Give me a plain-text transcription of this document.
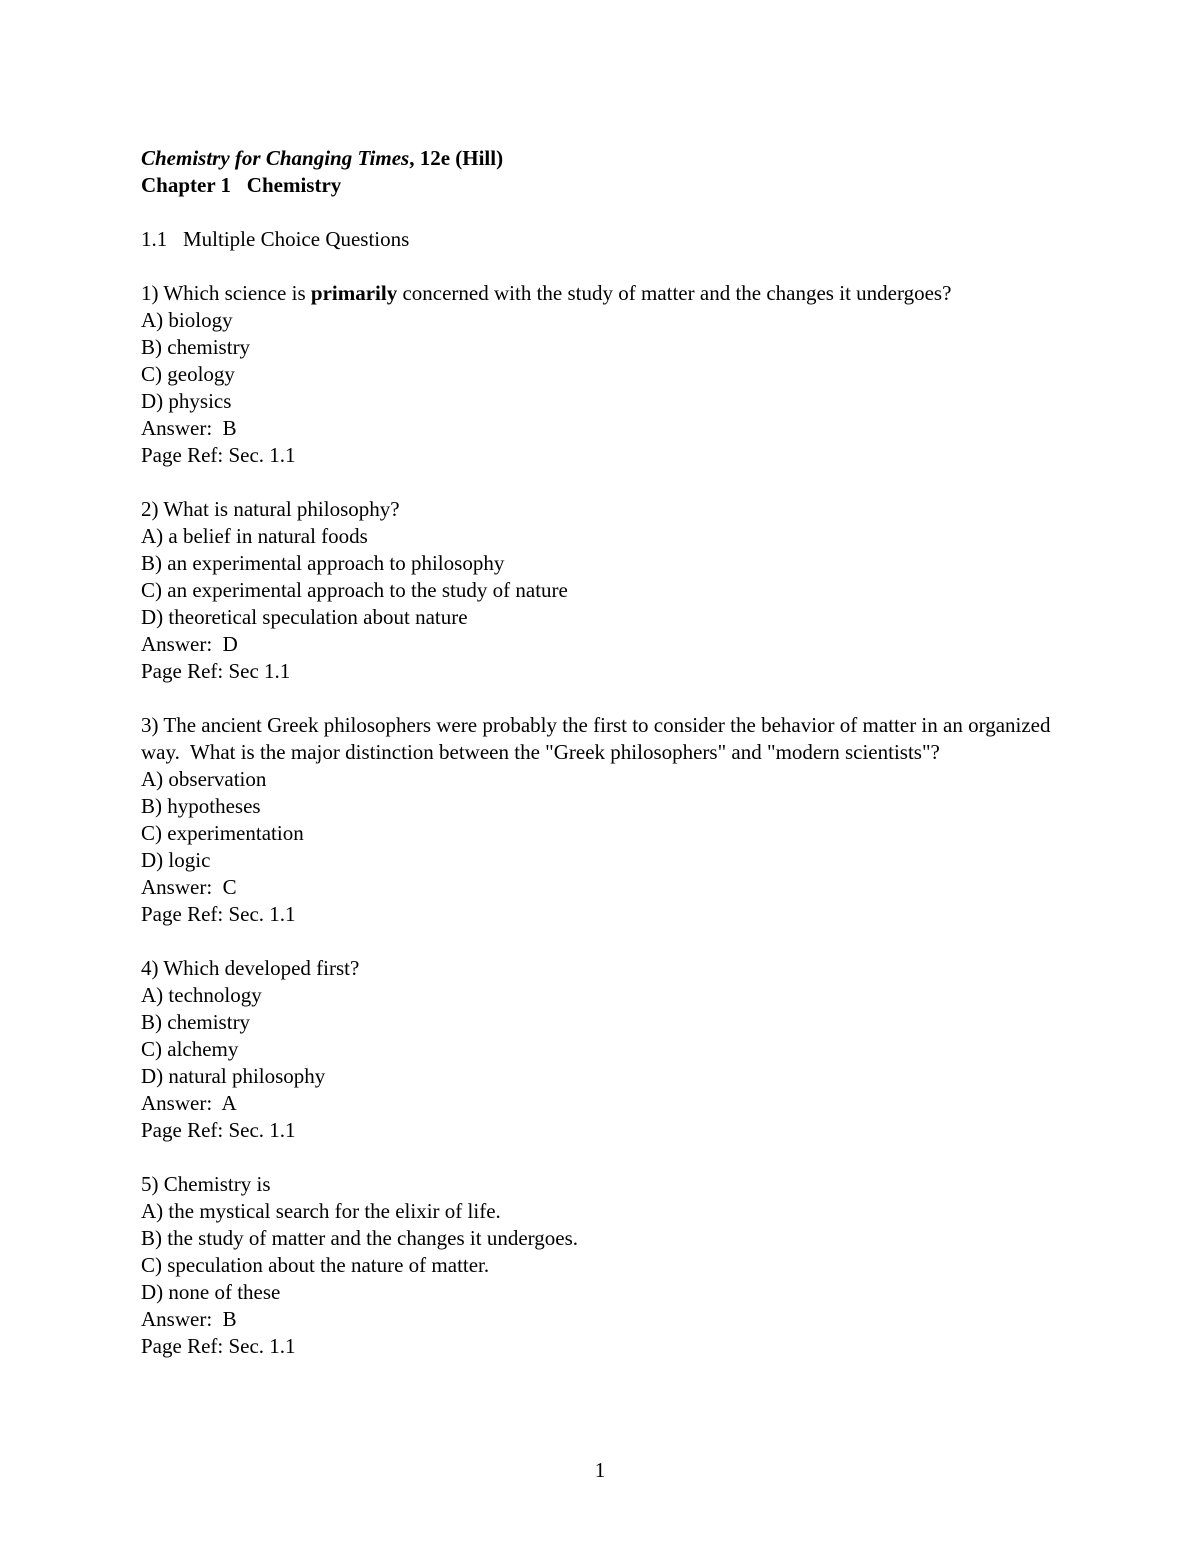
Chemistry for Changing Times, 12e (Hill)
Chapter 1   Chemistry
1.1   Multiple Choice Questions
1) Which science is primarily concerned with the study of matter and the changes it undergoes?
A) biology
B) chemistry
C) geology
D) physics
Answer:  B
Page Ref: Sec. 1.1
2) What is natural philosophy?
A) a belief in natural foods
B) an experimental approach to philosophy
C) an experimental approach to the study of nature
D) theoretical speculation about nature
Answer:  D
Page Ref: Sec 1.1
3) The ancient Greek philosophers were probably the first to consider the behavior of matter in an organized way.  What is the major distinction between the "Greek philosophers" and "modern scientists"?
A) observation
B) hypotheses
C) experimentation
D) logic
Answer:  C
Page Ref: Sec. 1.1
4) Which developed first?
A) technology
B) chemistry
C) alchemy
D) natural philosophy
Answer:  A
Page Ref: Sec. 1.1
5) Chemistry is
A) the mystical search for the elixir of life.
B) the study of matter and the changes it undergoes.
C) speculation about the nature of matter.
D) none of these
Answer:  B
Page Ref: Sec. 1.1
1
